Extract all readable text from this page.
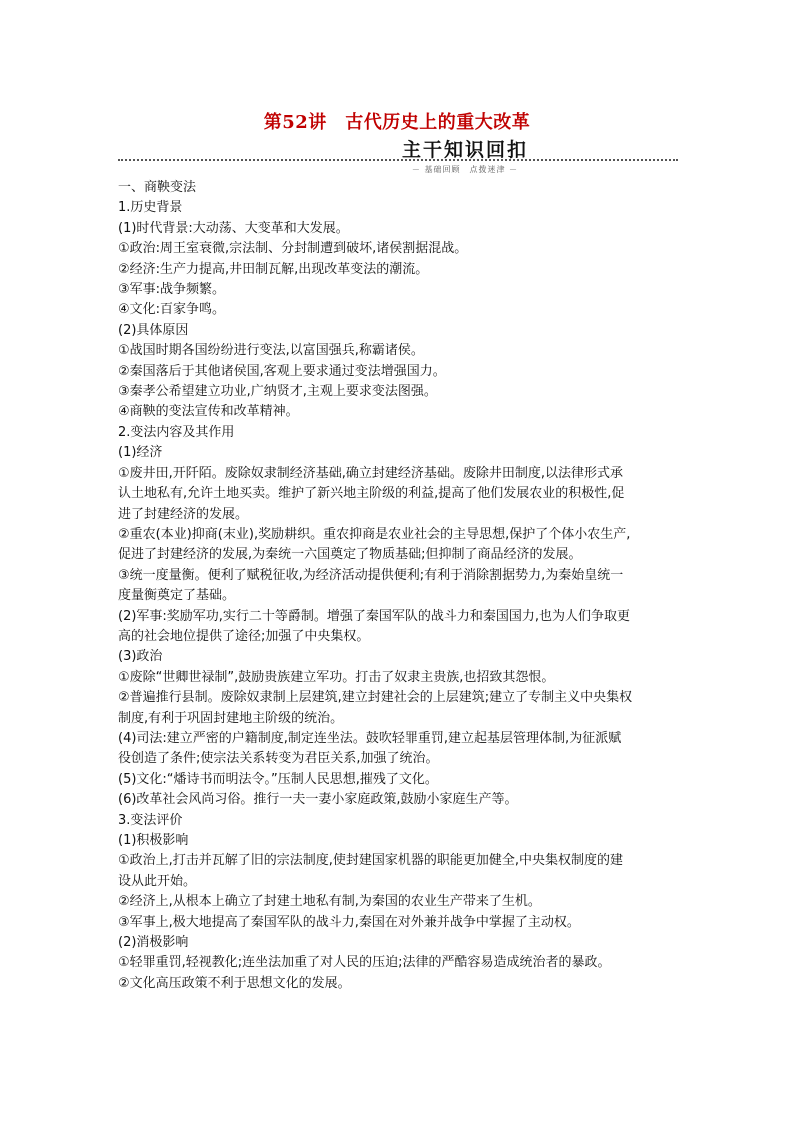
第52讲　古代历史上的重大改革
主干知识回扣
－ 基础回顾　点拨迷津 －

一、商鞅变法

1.历史背景

(1)时代背景:大动荡、大变革和大发展。

①政治:周王室衰微,宗法制、分封制遭到破坏,诸侯割据混战。

②经济:生产力提高,井田制瓦解,出现改革变法的潮流。

③军事:战争频繁。

④文化:百家争鸣。

(2)具体原因

①战国时期各国纷纷进行变法,以富国强兵,称霸诸侯。

②秦国落后于其他诸侯国,客观上要求通过变法增强国力。

③秦孝公希望建立功业,广纳贤才,主观上要求变法图强。

④商鞅的变法宣传和改革精神。

2.变法内容及其作用

(1)经济

①废井田,开阡陌。废除奴隶制经济基础,确立封建经济基础。废除井田制度,以法律形式承

认土地私有,允许土地买卖。维护了新兴地主阶级的利益,提高了他们发展农业的积极性,促

进了封建经济的发展。

②重农(本业)抑商(末业),奖励耕织。重农抑商是农业社会的主导思想,保护了个体小农生产,

促进了封建经济的发展,为秦统一六国奠定了物质基础;但抑制了商品经济的发展。

③统一度量衡。便利了赋税征收,为经济活动提供便利;有利于消除割据势力,为秦始皇统一

度量衡奠定了基础。

(2)军事:奖励军功,实行二十等爵制。增强了秦国军队的战斗力和秦国国力,也为人们争取更

高的社会地位提供了途径;加强了中央集权。

(3)政治

①废除“世卿世禄制”,鼓励贵族建立军功。打击了奴隶主贵族,也招致其怨恨。

②普遍推行县制。废除奴隶制上层建筑,建立封建社会的上层建筑;建立了专制主义中央集权

制度,有利于巩固封建地主阶级的统治。

(4)司法:建立严密的户籍制度,制定连坐法。鼓吹轻罪重罚,建立起基层管理体制,为征派赋

役创造了条件;使宗法关系转变为君臣关系,加强了统治。

(5)文化:“燔诗书而明法令。”压制人民思想,摧残了文化。

(6)改革社会风尚习俗。推行一夫一妻小家庭政策,鼓励小家庭生产等。

3.变法评价

(1)积极影响

①政治上,打击并瓦解了旧的宗法制度,使封建国家机器的职能更加健全,中央集权制度的建

设从此开始。

②经济上,从根本上确立了封建土地私有制,为秦国的农业生产带来了生机。

③军事上,极大地提高了秦国军队的战斗力,秦国在对外兼并战争中掌握了主动权。

(2)消极影响

①轻罪重罚,轻视教化;连坐法加重了对人民的压迫;法律的严酷容易造成统治者的暴政。

②文化高压政策不利于思想文化的发展。
